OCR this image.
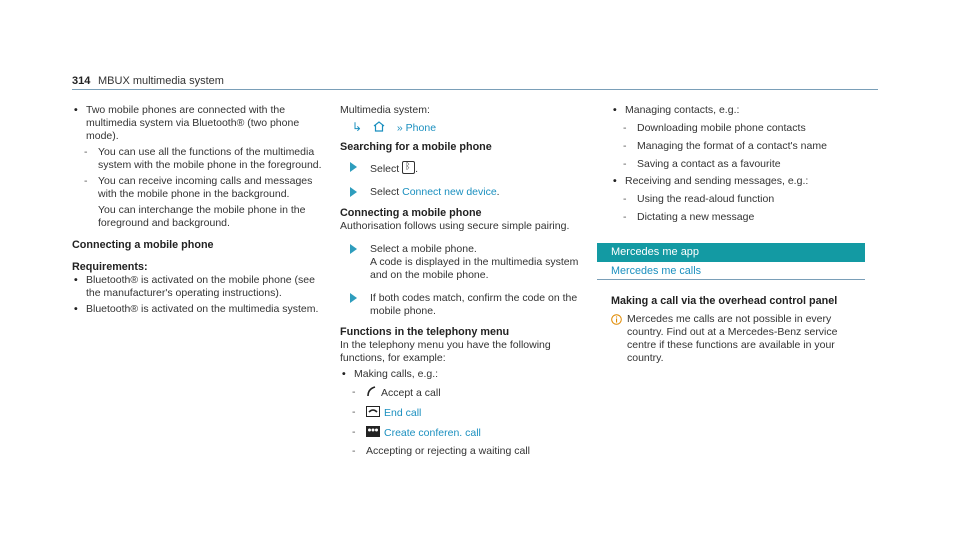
314 MBUX multimedia system

• Two mobile phones are connected with the multimedia system via Bluetooth® (two phone mode).

- You can use all the functions of the multimedia system with the mobile phone in the foreground.

- You can receive incoming calls and messages with the mobile phone in the background.

You can interchange the mobile phone in the foreground and background.

Connecting a mobile phone
Requirements:

• Bluetooth® is activated on the mobile phone (see the manufacturer's operating instructions).

• Bluetooth® is activated on the multimedia system.

Multimedia system:
↳	» Phone
Searching for a mobile phone
Select ᛒ .
Select Connect new device.
Connecting a mobile phone
Authorisation follows using secure simple pairing.
Select a mobile phone.
A code is displayed in the multimedia system and on the mobile phone.
If both codes match, confirm the code on the mobile phone.
Functions in the telephony menu
In the telephony menu you have the following functions, for example:

• Making calls, e.g.:

- Accept a call

-	End call

-	Create conferen. call

- Accepting or rejecting a waiting call

• Managing contacts, e.g.:

- Downloading mobile phone contacts

- Managing the format of a contact's name

- Saving a contact as a favourite

• Receiving and sending messages, e.g.:

- Using the read-aloud function

- Dictating a new message

Mercedes me app
Mercedes me calls
Making a call via the overhead control panel
Mercedes me calls are not possible in every country. Find out at a Mercedes-Benz service centre if these functions are available in your country.
